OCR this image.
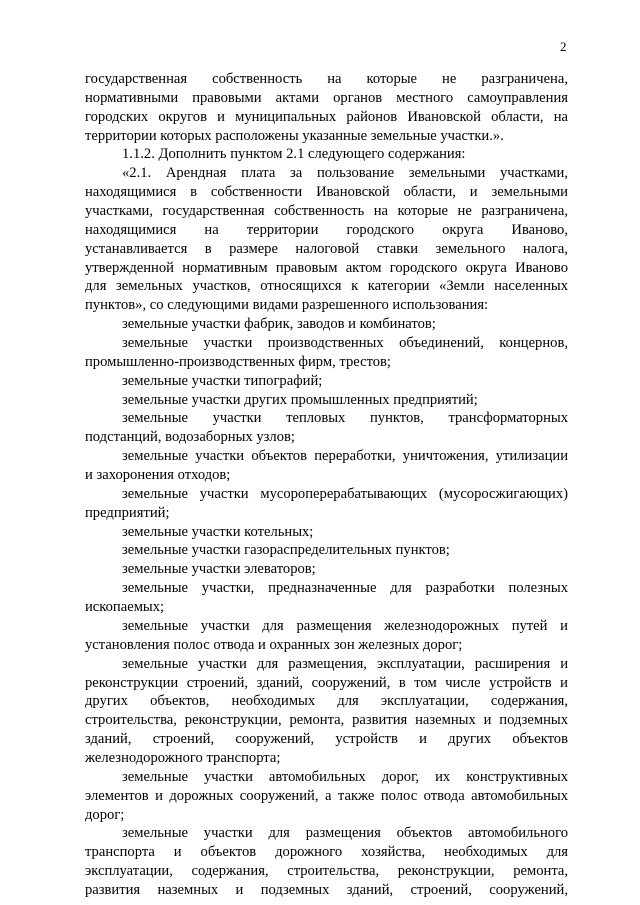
2
государственная собственность на которые не разграничена,
нормативными правовыми актами органов местного самоуправления
городских округов и муниципальных районов Ивановской области, на
территории которых расположены указанные земельные участки.».
1.1.2. Дополнить пунктом 2.1 следующего содержания:
«2.1. Арендная плата за пользование земельными участками,
находящимися в собственности Ивановской области, и земельными
участками, государственная собственность на которые не разграничена,
находящимися на территории городского округа Иваново,
устанавливается в размере налоговой ставки земельного налога,
утвержденной нормативным правовым актом городского округа Иваново
для земельных участков, относящихся к категории «Земли населенных
пунктов», со следующими видами разрешенного использования:
земельные участки фабрик, заводов и комбинатов;
земельные участки производственных объединений, концернов,
промышленно-производственных фирм, трестов;
земельные участки типографий;
земельные участки других промышленных предприятий;
земельные участки тепловых пунктов, трансформаторных
подстанций, водозаборных узлов;
земельные участки объектов переработки, уничтожения, утилизации
и захоронения отходов;
земельные участки мусороперерабатывающих (мусоросжигающих)
предприятий;
земельные участки котельных;
земельные участки газораспределительных пунктов;
земельные участки элеваторов;
земельные участки, предназначенные для разработки полезных
ископаемых;
земельные участки для размещения железнодорожных путей и
установления полос отвода и охранных зон железных дорог;
земельные участки для размещения, эксплуатации, расширения и
реконструкции строений, зданий, сооружений, в том числе устройств и
других объектов, необходимых для эксплуатации, содержания,
строительства, реконструкции, ремонта, развития наземных и подземных
зданий, строений, сооружений, устройств и других объектов
железнодорожного транспорта;
земельные участки автомобильных дорог, их конструктивных
элементов и дорожных сооружений, а также полос отвода автомобильных
дорог;
земельные участки для размещения объектов автомобильного
транспорта и объектов дорожного хозяйства, необходимых для
эксплуатации, содержания, строительства, реконструкции, ремонта,
развития наземных и подземных зданий, строений, сооружений,
